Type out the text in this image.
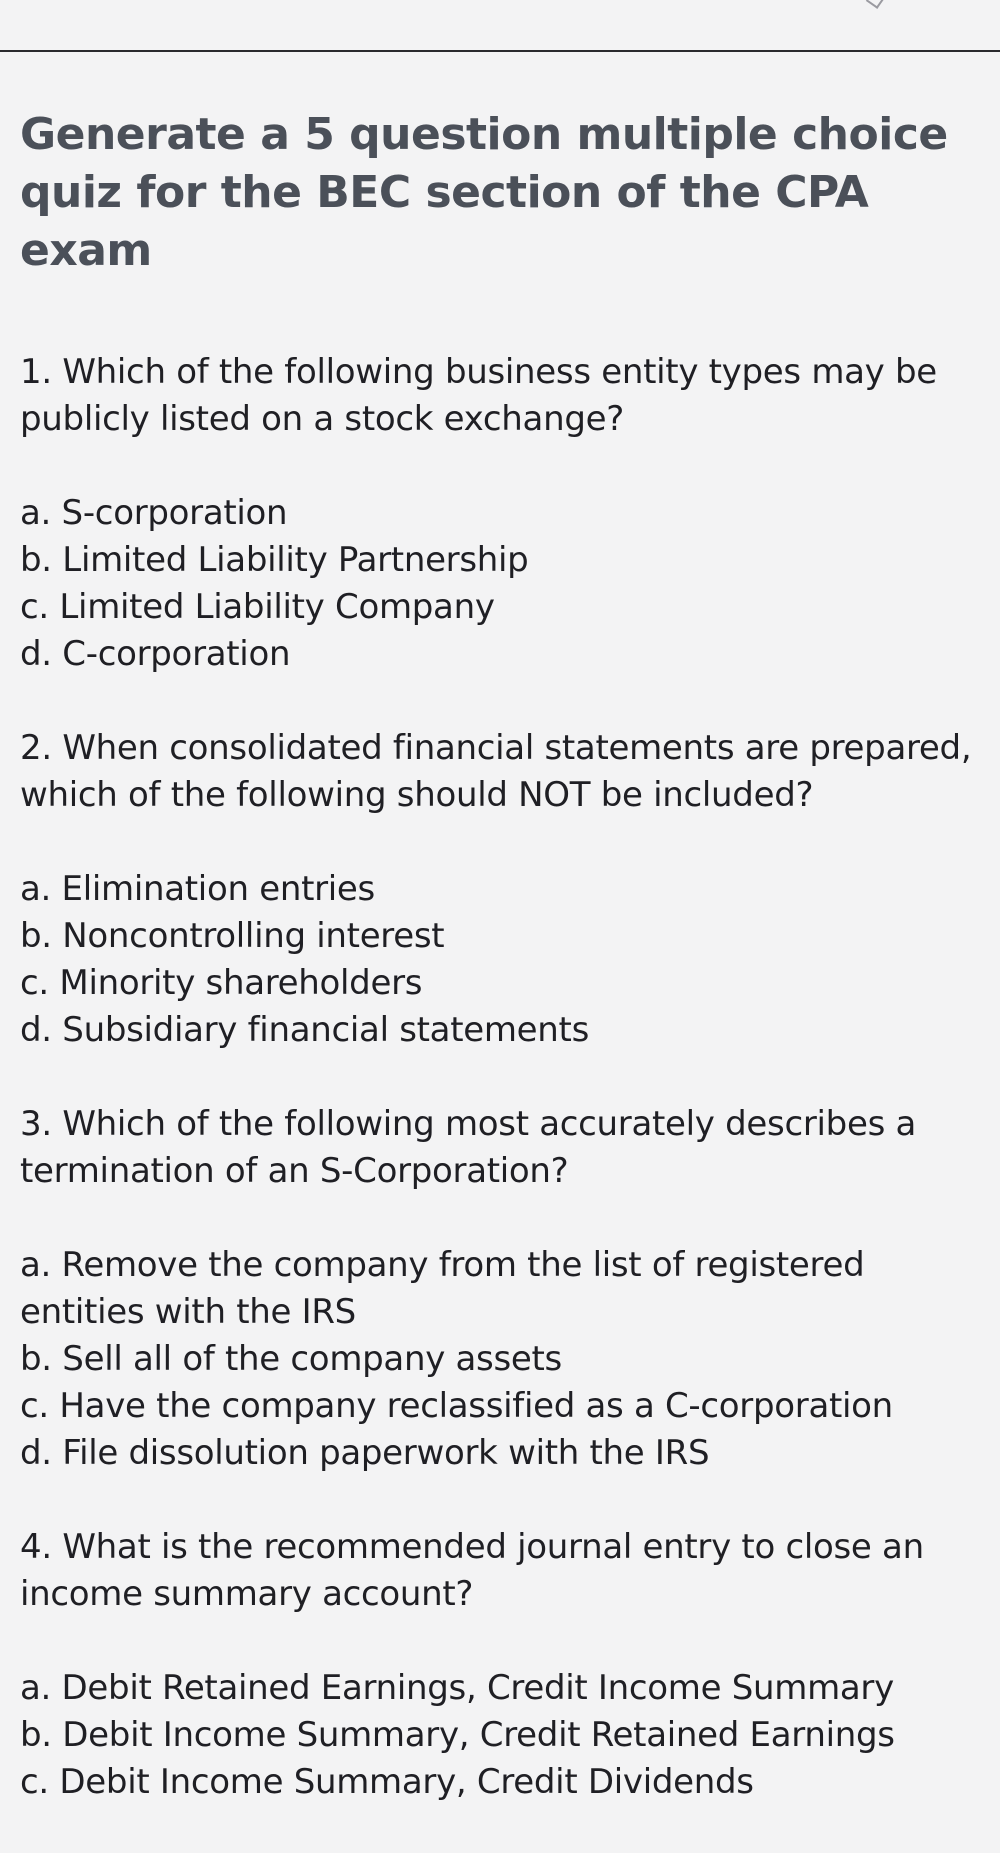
Generate a 5 question multiple choice quiz for the BEC section of the CPA exam

1. Which of the following business entity types may be publicly listed on a stock exchange?

a. S-corporation
b. Limited Liability Partnership
c. Limited Liability Company
d. C-corporation

2. When consolidated financial statements are prepared, which of the following should NOT be included?

a. Elimination entries
b. Noncontrolling interest
c. Minority shareholders
d. Subsidiary financial statements

3. Which of the following most accurately describes a termination of an S-Corporation?

a. Remove the company from the list of registered entities with the IRS
b. Sell all of the company assets
c. Have the company reclassified as a C-corporation
d. File dissolution paperwork with the IRS

4. What is the recommended journal entry to close an income summary account?

a. Debit Retained Earnings, Credit Income Summary
b. Debit Income Summary, Credit Retained Earnings
c. Debit Income Summary, Credit Dividends
